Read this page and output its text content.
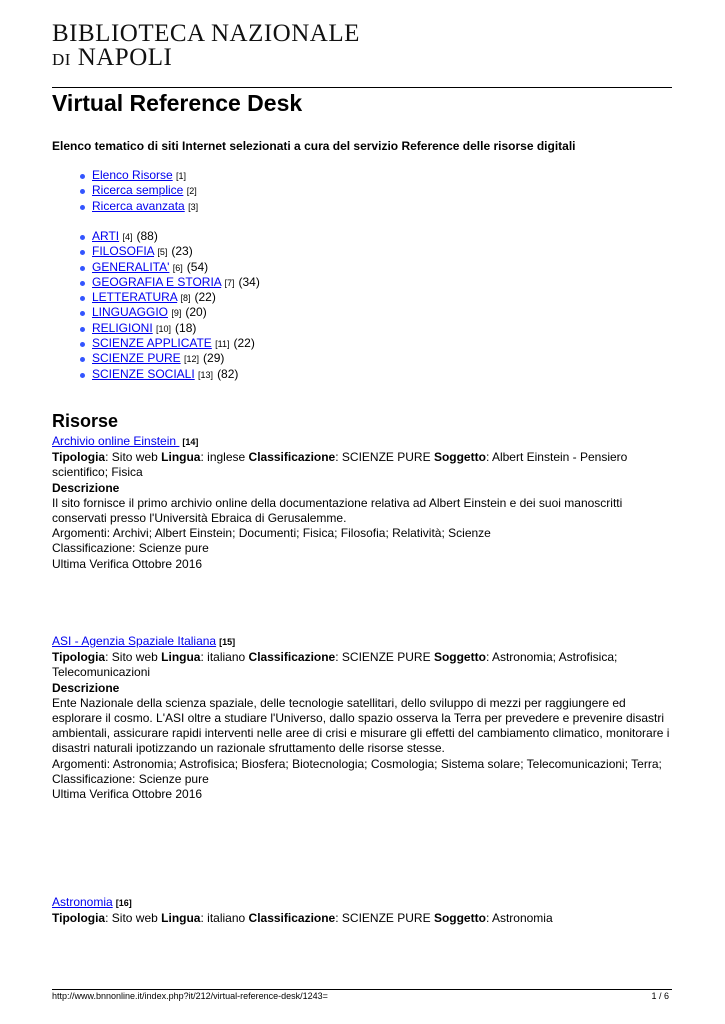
BIBLIOTECA NAZIONALE
DI NAPOLI
Virtual Reference Desk

Elenco tematico di siti Internet selezionati a cura del servizio Reference delle risorse digitali

Elenco Risorse [1]
Ricerca semplice [2]
Ricerca avanzata [3]
ARTI [4] (88)
FILOSOFIA [5] (23)
GENERALITA' [6] (54)
GEOGRAFIA E STORIA [7] (34)
LETTERATURA [8] (22)
LINGUAGGIO [9] (20)
RELIGIONI [10] (18)
SCIENZE APPLICATE [11] (22)
SCIENZE PURE [12] (29)
SCIENZE SOCIALI [13] (82)
Risorse
Archivio online Einstein [14]

Tipologia: Sito web Lingua: inglese Classificazione: SCIENZE PURE Soggetto: Albert Einstein - Pensiero scientifico; Fisica

Descrizione

Il sito fornisce il primo archivio online della documentazione relativa ad Albert Einstein e dei suoi manoscritti conservati presso l'Università Ebraica di Gerusalemme.

Argomenti: Archivi; Albert Einstein; Documenti; Fisica; Filosofia; Relatività; Scienze

Classificazione: Scienze pure

Ultima Verifica Ottobre 2016

ASI - Agenzia Spaziale Italiana [15]

Tipologia: Sito web Lingua: italiano Classificazione: SCIENZE PURE Soggetto: Astronomia; Astrofisica; Telecomunicazioni

Descrizione

Ente Nazionale della scienza spaziale, delle tecnologie satellitari, dello sviluppo di mezzi per raggiungere ed esplorare il cosmo. L'ASI oltre a studiare l'Universo, dallo spazio osserva la Terra per prevedere e prevenire disastri ambientali, assicurare rapidi interventi nelle aree di crisi e misurare gli effetti del cambiamento climatico, monitorare i disastri naturali ipotizzando un razionale sfruttamento delle risorse stesse.

Argomenti: Astronomia; Astrofisica; Biosfera; Biotecnologia; Cosmologia; Sistema solare; Telecomunicazioni; Terra;

Classificazione: Scienze pure

Ultima Verifica Ottobre 2016

Astronomia [16]

Tipologia: Sito web Lingua: italiano Classificazione: SCIENZE PURE Soggetto: Astronomia

http://www.bnnonline.it/index.php?it/212/virtual-reference-desk/1243=	1 / 6
